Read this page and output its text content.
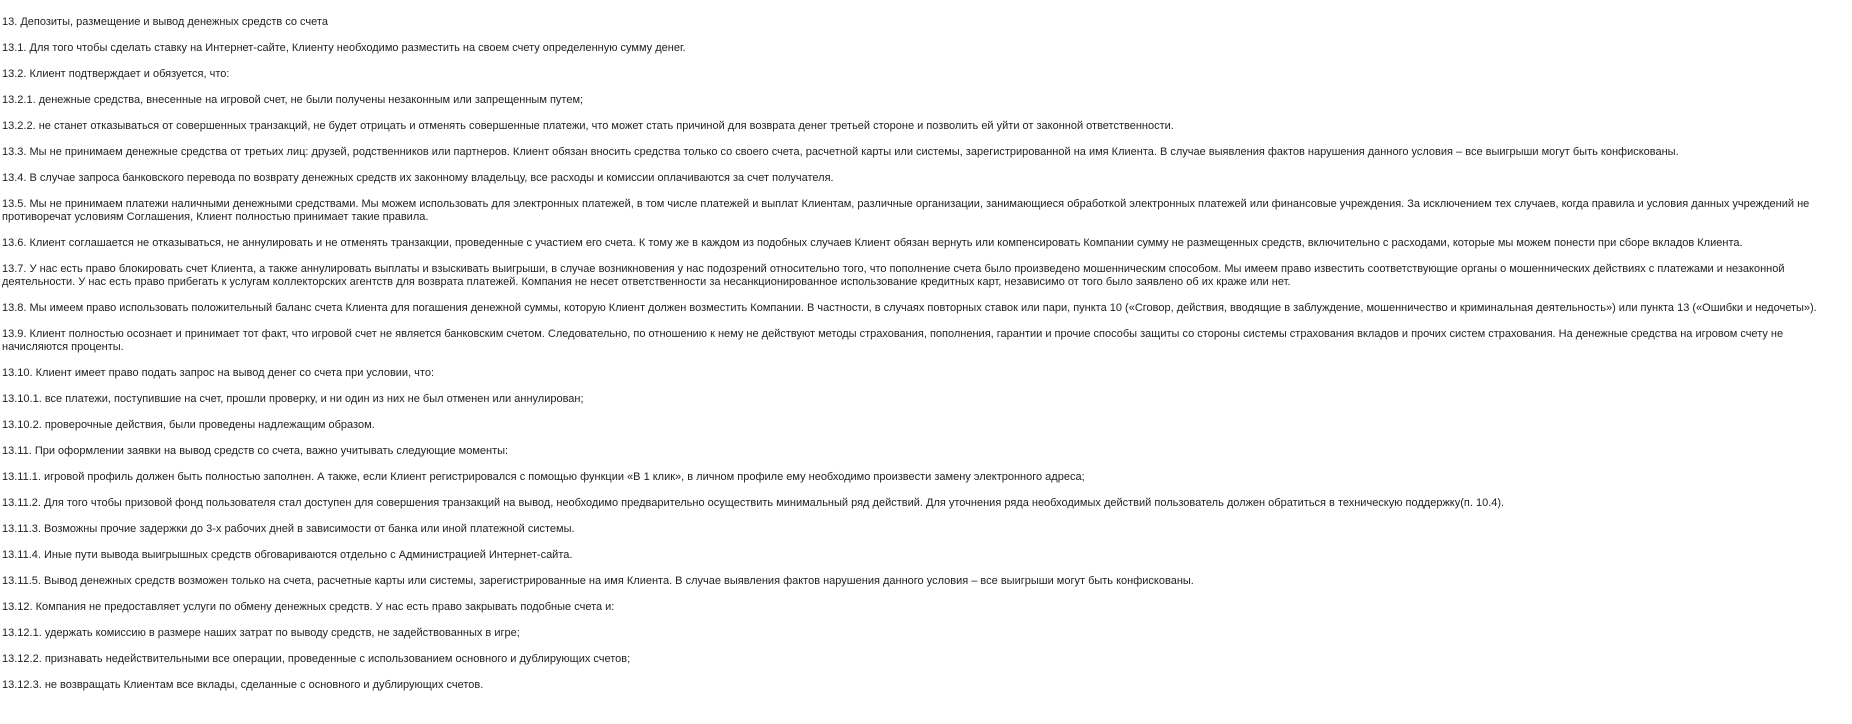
13. Депозиты, размещение и вывод денежных средств со счета

13.1. Для того чтобы сделать ставку на Интернет-сайте, Клиенту необходимо разместить на своем счету определенную сумму денег.

13.2. Клиент подтверждает и обязуется, что:

13.2.1. денежные средства, внесенные на игровой счет, не были получены незаконным или запрещенным путем;

13.2.2. не станет отказываться от совершенных транзакций, не будет отрицать и отменять совершенные платежи, что может стать причиной для возврата денег третьей стороне и позволить ей уйти от законной ответственности.

13.3. Мы не принимаем денежные средства от третьих лиц: друзей, родственников или партнеров. Клиент обязан вносить средства только со своего счета, расчетной карты или системы, зарегистрированной на имя Клиента. В случае выявления фактов нарушения данного условия – все выигрыши могут быть конфискованы.

13.4. В случае запроса банковского перевода по возврату денежных средств их законному владельцу, все расходы и комиссии оплачиваются за счет получателя.

13.5. Мы не принимаем платежи наличными денежными средствами. Мы можем использовать для электронных платежей, в том числе платежей и выплат Клиентам, различные организации, занимающиеся обработкой электронных платежей или финансовые учреждения. За исключением тех случаев, когда правила и условия данных учреждений не противоречат условиям Соглашения, Клиент полностью принимает такие правила.

13.6. Клиент соглашается не отказываться, не аннулировать и не отменять транзакции, проведенные с участием его счета. К тому же в каждом из подобных случаев Клиент обязан вернуть или компенсировать Компании сумму не размещенных средств, включительно с расходами, которые мы можем понести при сборе вкладов Клиента.

13.7. У нас есть право блокировать счет Клиента, а также аннулировать выплаты и взыскивать выигрыши, в случае возникновения у нас подозрений относительно того, что пополнение счета было произведено мошенническим способом. Мы имеем право известить соответствующие органы о мошеннических действиях с платежами и незаконной деятельности. У нас есть право прибегать к услугам коллекторских агентств для возврата платежей. Компания не несет ответственности за несанкционированное использование кредитных карт, независимо от того было заявлено об их краже или нет.

13.8. Мы имеем право использовать положительный баланс счета Клиента для погашения денежной суммы, которую Клиент должен возместить Компании. В частности, в случаях повторных ставок или пари, пункта 10 («Сговор, действия, вводящие в заблуждение, мошенничество и криминальная деятельность») или пункта 13 («Ошибки и недочеты»).

13.9. Клиент полностью осознает и принимает тот факт, что игровой счет не является банковским счетом. Следовательно, по отношению к нему не действуют методы страхования, пополнения, гарантии и прочие способы защиты со стороны системы страхования вкладов и прочих систем страхования. На денежные средства на игровом счету не начисляются проценты.

13.10. Клиент имеет право подать запрос на вывод денег со счета при условии, что:

13.10.1. все платежи, поступившие на счет, прошли проверку, и ни один из них не был отменен или аннулирован;

13.10.2. проверочные действия, были проведены надлежащим образом.

13.11. При оформлении заявки на вывод средств со счета, важно учитывать следующие моменты:

13.11.1. игровой профиль должен быть полностью заполнен. А также, если Клиент регистрировался с помощью функции «В 1 клик», в личном профиле ему необходимо произвести замену электронного адреса;

13.11.2. Для того чтобы призовой фонд пользователя стал доступен для совершения транзакций на вывод, необходимо предварительно осуществить минимальный ряд действий. Для уточнения ряда необходимых действий пользователь должен обратиться в техническую поддержку(п. 10.4).

13.11.3. Возможны прочие задержки до 3-х рабочих дней в зависимости от банка или иной платежной системы.

13.11.4. Иные пути вывода выигрышных средств обговариваются отдельно с Администрацией Интернет-сайта.

13.11.5. Вывод денежных средств возможен только на счета, расчетные карты или системы, зарегистрированные на имя Клиента. В случае выявления фактов нарушения данного условия – все выигрыши могут быть конфискованы.

13.12. Компания не предоставляет услуги по обмену денежных средств. У нас есть право закрывать подобные счета и:

13.12.1. удержать комиссию в размере наших затрат по выводу средств, не задействованных в игре;

13.12.2. признавать недействительными все операции, проведенные с использованием основного и дублирующих счетов;

13.12.3. не возвращать Клиентам все вклады, сделанные с основного и дублирующих счетов.
